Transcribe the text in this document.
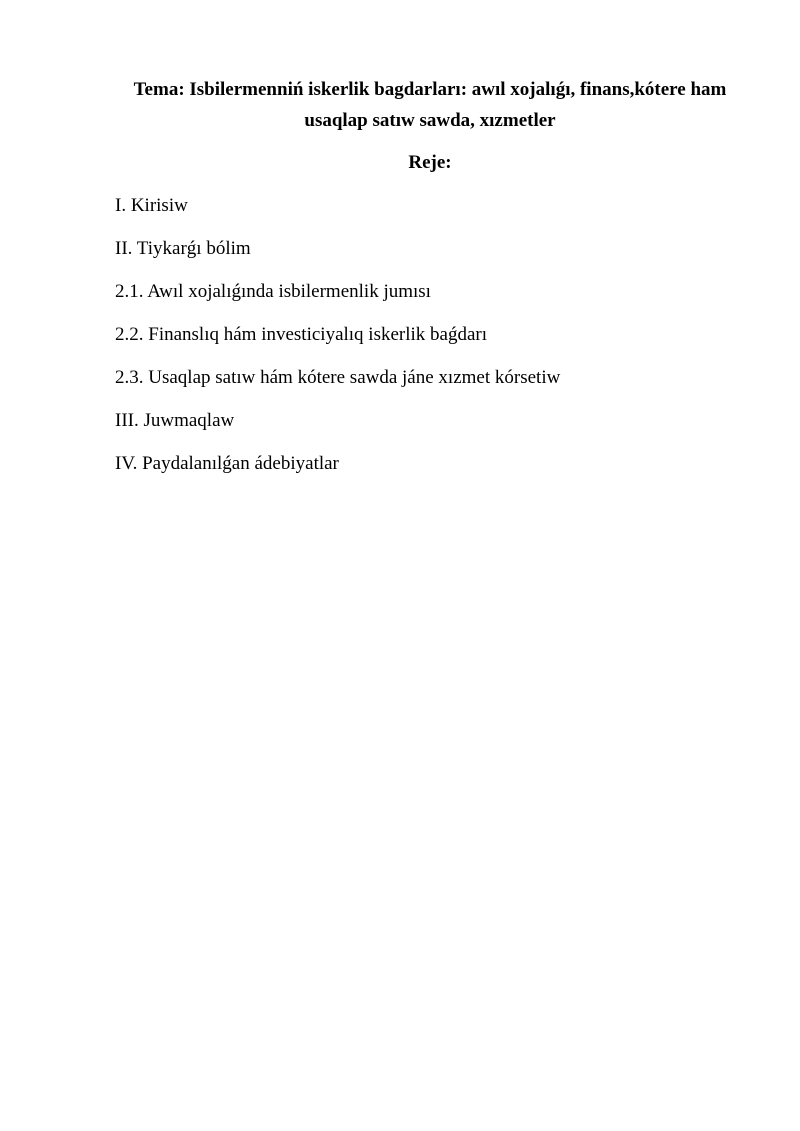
Tema: Isbilermenniń iskerlik bagdarları: awıl xojalıǵı, finans,kótere ham
usaqlap satıw sawda, xızmetler
Reje:
I. Kirisiw
II. Tiykarǵı bólim
2.1. Awıl xojalıǵında isbilermenlik jumısı
2.2. Finanslıq hám investiciyalıq iskerlik baǵdarı
2.3. Usaqlap satıw hám kótere sawda jáne xızmet kórsetiw
III. Juwmaqlaw
IV. Paydalanılǵan ádebiyatlar
